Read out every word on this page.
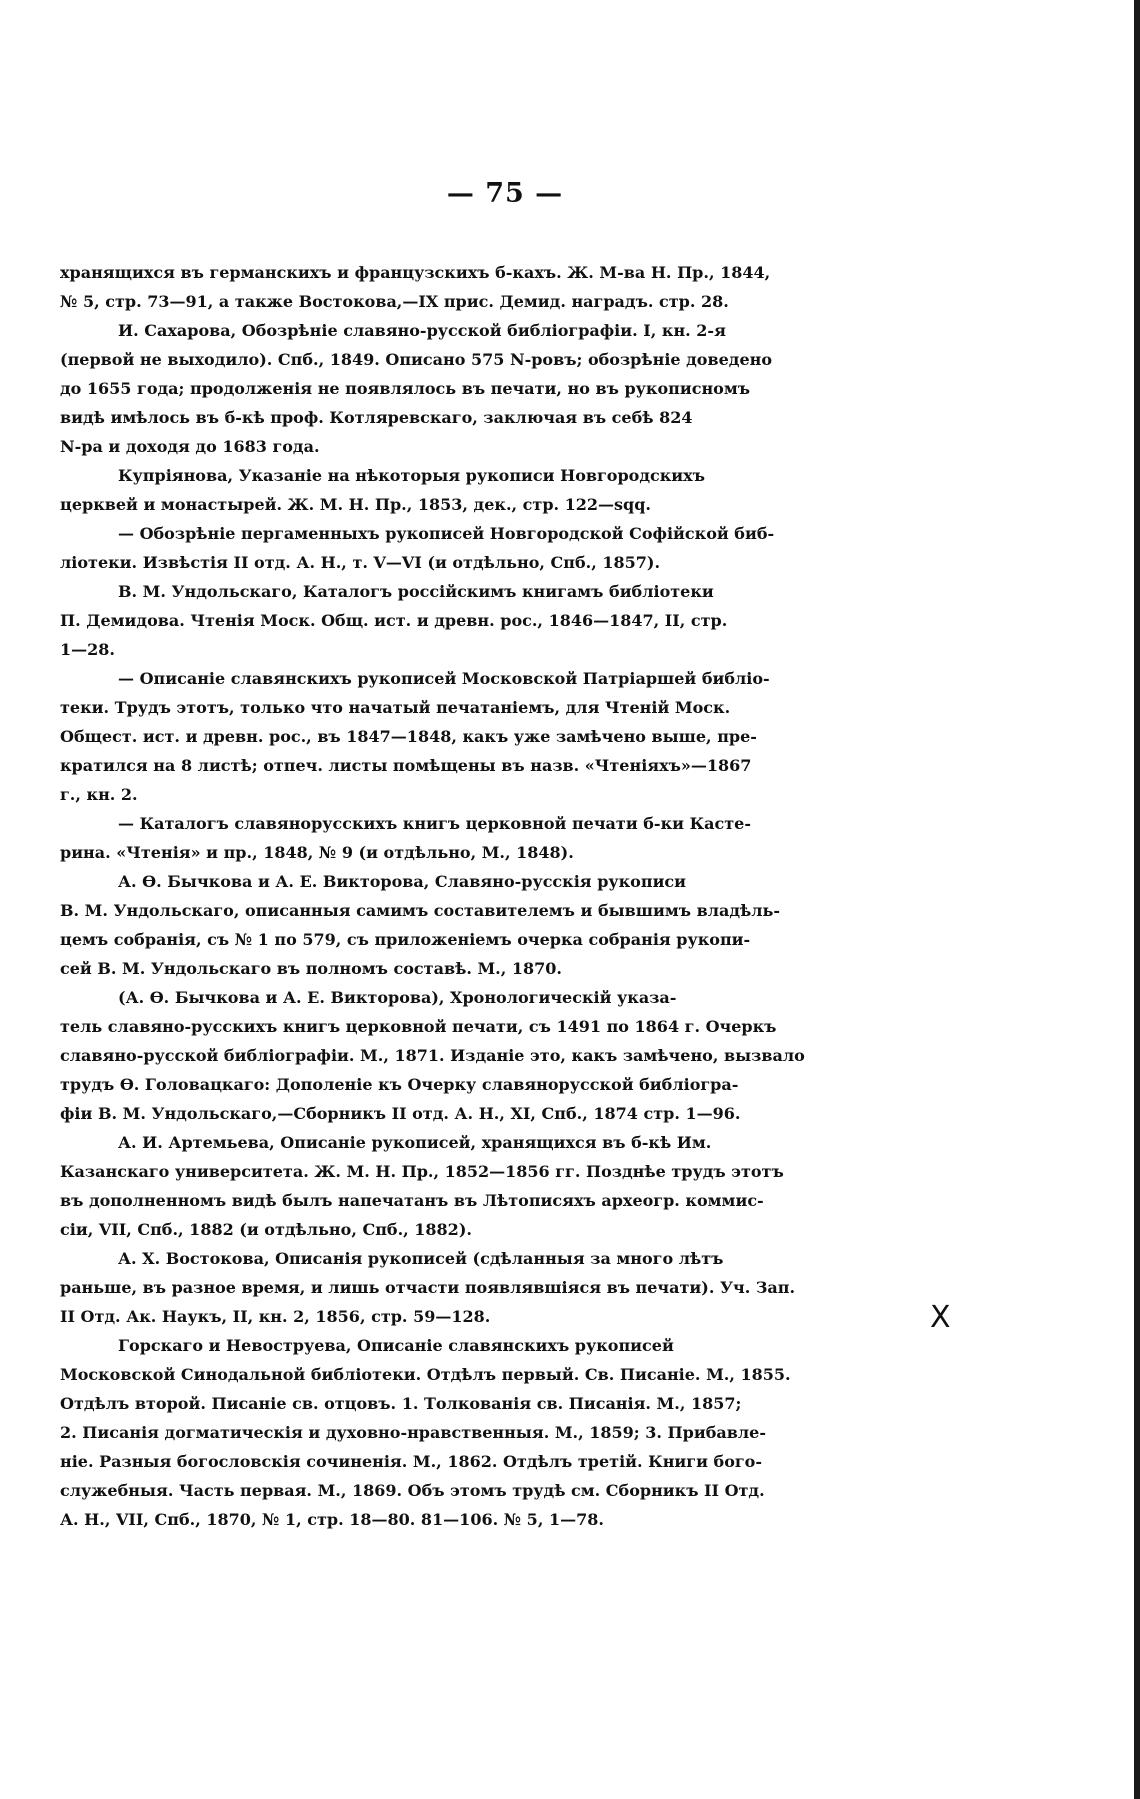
— 75 —
хранящихся въ германскихъ и французскихъ б-кахъ. Ж. М-ва Н. Пр., 1844,
№ 5, стр. 73—91, а также Востокова,—IX прис. Демид. наградъ. стр. 28.
И. Сахарова, Обозрѣніе славяно-русской библіографіи. I, кн. 2-я
(первой не выходило). Спб., 1849. Описано 575 N-ровъ; обозрѣніе доведено
до 1655 года; продолженія не появлялось въ печати, но въ рукописномъ
видѣ имѣлось въ б-кѣ проф. Котляревскаго, заключая въ себѣ 824
N-ра и доходя до 1683 года.
Купріянова, Указаніе на нѣкоторыя рукописи Новгородскихъ
церквей и монастырей. Ж. М. Н. Пр., 1853, дек., стр. 122—sqq.
— Обозрѣніе пергаменныхъ рукописей Новгородской Софійской биб-
ліотеки. Извѣстія II отд. А. Н., т. V—VI (и отдѣльно, Спб., 1857).
В. М. Ундольскаго, Каталогъ россійскимъ книгамъ библіотеки
П. Демидова. Чтенія Моск. Общ. ист. и древн. рос., 1846—1847, II, стр.
1—28.
— Описаніе славянскихъ рукописей Московской Патріаршей библіо-
теки. Трудъ этотъ, только что начатый печатаніемъ, для Чтеній Моск.
Общест. ист. и древн. рос., въ 1847—1848, какъ уже замѣчено выше, пре-
кратился на 8 листѣ; отпеч. листы помѣщены въ назв. «Чтеніяхъ»—1867
г., кн. 2.
— Каталогъ славянорусскихъ книгъ церковной печати б-ки Кастe-
рина. «Чтенія» и пр., 1848, № 9 (и отдѣльно, М., 1848).
А. Ѳ. Бычкова и А. Е. Викторова, Славяно-русскія рукописи
В. М. Ундольскаго, описанныя самимъ составителемъ и бывшимъ владѣль-
цемъ собранія, съ № 1 по 579, съ приложеніемъ очерка собранія рукопи-
сей В. М. Ундольскаго въ полномъ составѣ. М., 1870.
(А. Ѳ. Бычкова и А. Е. Викторова), Хронологическій указа-
тель славяно-русскихъ книгъ церковной печати, съ 1491 по 1864 г. Очеркъ
славяно-русской библіографіи. М., 1871. Изданіе это, какъ замѣчено, вызвало
трудъ Ѳ. Головацкаго: Дополеніе къ Очерку славянорусской библіогра-
фіи В. М. Ундольскаго,—Сборникъ II отд. А. Н., XI, Спб., 1874 стр. 1—96.
А. И. Артемьева, Описаніе рукописей, хранящихся въ б-кѣ Им.
Казанскаго университета. Ж. М. Н. Пр., 1852—1856 гг. Позднѣе трудъ этотъ
въ дополненномъ видѣ былъ напечатанъ въ Лѣтописяхъ археогр. коммис-
сіи, VII, Спб., 1882 (и отдѣльно, Спб., 1882).
А. Х. Востокова, Описанія рукописей (сдѣланныя за много лѣтъ
раньше, въ разное время, и лишь отчасти появлявшіяся въ печати). Уч. Зап.
II Отд. Ак. Наукъ, II, кн. 2, 1856, стр. 59—128.
Горскаго и Невоструева, Описаніе славянскихъ рукописей
Московской Синодальной библіотеки. Отдѣлъ первый. Св. Писаніе. М., 1855.
Отдѣлъ второй. Писаніе св. отцовъ. 1. Толкованія св. Писанія. М., 1857;
2. Писанія догматическія и духовно-нравственныя. М., 1859; 3. Прибавле-
ніе. Разныя богословскія сочиненія. М., 1862. Отдѣлъ третій. Книги бого-
служебныя. Часть первая. М., 1869. Объ этомъ трудѣ см. Сборникъ II Отд.
А. Н., VII, Спб., 1870, № 1, стр. 18—80. 81—106. № 5, 1—78.
X
